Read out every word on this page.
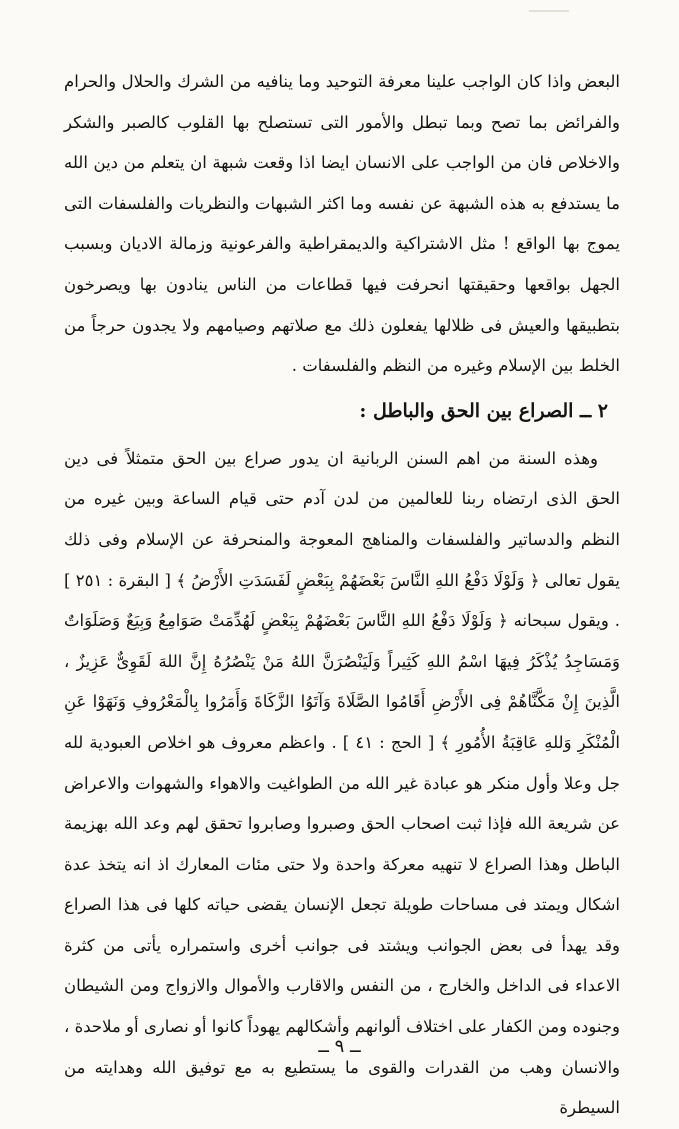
البعض واذا كان الواجب علينا معرفة التوحيد وما ينافيه من الشرك والحلال والحرام والفرائض بما تصح وبما تبطل والأمور التى تستصلح بها القلوب كالصبر والشكر والاخلاص فان من الواجب على الانسان ايضا اذا وقعت شبهة ان يتعلم من دين الله ما يستدفع به هذه الشبهة عن نفسه وما اكثر الشبهات والنظريات والفلسفات التى يموج بها الواقع ! مثل الاشتراكية والديمقراطية والفرعونية وزمالة الاديان وبسبب الجهل بواقعها وحقيقتها انحرفت فيها قطاعات من الناس ينادون بها ويصرخون بتطبيقها والعيش فى ظلالها يفعلون ذلك مع صلاتهم وصيامهم ولا يجدون حرجاً من الخلط بين الإسلام وغيره من النظم والفلسفات .

٢ ــ الصراع بين الحق والباطل :

وهذه السنة من اهم السنن الربانية ان يدور صراع بين الحق متمثلاً فى دين الحق الذى ارتضاه ربنا للعالمين من لدن آدم حتى قيام الساعة وبين غيره من النظم والدساتير والفلسفات والمناهج المعوجة والمنحرفة عن الإسلام وفى ذلك يقول تعالى ﴿ وَلَوْلَا دَفْعُ اللهِ النَّاسَ بَعْضَهُمْ بِبَعْضٍ لَفَسَدَتِ الأَرْضُ ﴾ [ البقرة : ٢٥١ ] . ويقول سبحانه ﴿ وَلَوْلَا دَفْعُ اللهِ النَّاسَ بَعْضَهُمْ بِبَعْضٍ لَهُدِّمَتْ صَوَامِعُ وَبِيَعٌ وَصَلَوَاتٌ وَمَسَاجِدُ يُذْكَرُ فِيهَا اسْمُ اللهِ كَثِيراً وَلَيَنْصُرَنَّ اللهُ مَنْ يَنْصُرُهُ إِنَّ اللهَ لَقَوِىٌّ عَزِيزٌ ، الَّذِينَ إِنْ مَكَّنَّاهُمْ فِى الأَرْضِ أَقَامُوا الصَّلَاةَ وَآتَوُا الزَّكَاةَ وَأَمَرُوا بِالْمَعْرُوفِ وَنَهَوْا عَنِ الْمُنْكَرِ وَللهِ عَاقِبَةُ الأُمُورِ ﴾ [ الحج : ٤١ ] . واعظم معروف هو اخلاص العبودية لله جل وعلا وأول منكر هو عبادة غير الله من الطواغيت والاهواء والشهوات والاعراض عن شريعة الله فإذا ثبت اصحاب الحق وصبروا وصابروا تحقق لهم وعد الله بهزيمة الباطل وهذا الصراع لا تنهيه معركة واحدة ولا حتى مئات المعارك اذ انه يتخذ عدة اشكال ويمتد فى مساحات طويلة تجعل الإنسان يقضى حياته كلها فى هذا الصراع وقد يهدأ فى بعض الجوانب ويشتد فى جوانب أخرى واستمراره يأتى من كثرة الاعداء فى الداخل والخارج ، من النفس والاقارب والأموال والازواج ومن الشيطان وجنوده ومن الكفار على اختلاف ألوانهم وأشكالهم يهوداً كانوا أو نصارى أو ملاحدة ، والانسان وهب من القدرات والقوى ما يستطيع به مع توفيق الله وهدايته من السيطرة

ــ ٩ ــ
